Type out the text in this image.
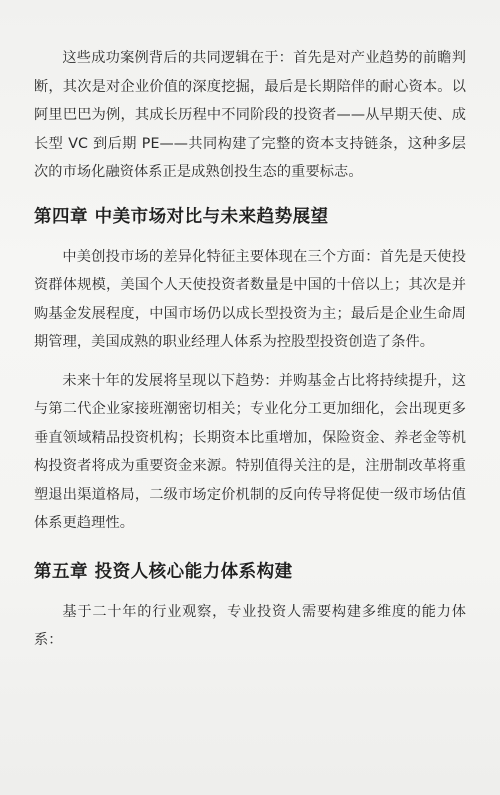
这些成功案例背后的共同逻辑在于：首先是对产业趋势的前瞻判断，其次是对企业价值的深度挖掘，最后是长期陪伴的耐心资本。以阿里巴巴为例，其成长历程中不同阶段的投资者——从早期天使、成长型 VC 到后期 PE——共同构建了完整的资本支持链条，这种多层次的市场化融资体系正是成熟创投生态的重要标志。

第四章 中美市场对比与未来趋势展望

中美创投市场的差异化特征主要体现在三个方面：首先是天使投资群体规模，美国个人天使投资者数量是中国的十倍以上；其次是并购基金发展程度，中国市场仍以成长型投资为主；最后是企业生命周期管理，美国成熟的职业经理人体系为控股型投资创造了条件。

未来十年的发展将呈现以下趋势：并购基金占比将持续提升，这与第二代企业家接班潮密切相关；专业化分工更加细化，会出现更多垂直领域精品投资机构；长期资本比重增加，保险资金、养老金等机构投资者将成为重要资金来源。特别值得关注的是，注册制改革将重塑退出渠道格局，二级市场定价机制的反向传导将促使一级市场估值体系更趋理性。

第五章 投资人核心能力体系构建

基于二十年的行业观察，专业投资人需要构建多维度的能力体系：
